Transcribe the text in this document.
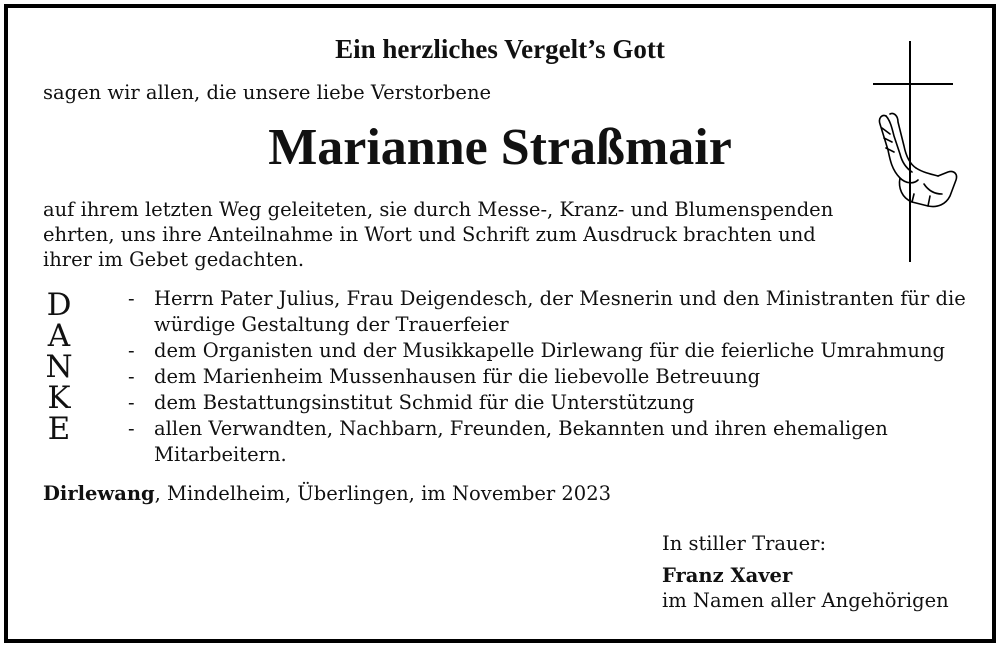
Ein herzliches Vergelt’s Gott
sagen wir allen, die unsere liebe Verstorbene
Marianne Straßmair
auf ihrem letzten Weg geleiteten, sie durch Messe-, Kranz- und Blumenspenden ehrten, uns ihre Anteilnahme in Wort und Schrift zum Ausdruck brachten und ihrer im Gebet gedachten.
D
A
N
K
E
- Herrn Pater Julius, Frau Deigendesch, der Mesnerin und den Ministranten für die würdige Gestaltung der Trauerfeier
- dem Organisten und der Musikkapelle Dirlewang für die feierliche Umrahmung
- dem Marienheim Mussenhausen für die liebevolle Betreuung
- dem Bestattungsinstitut Schmid für die Unterstützung
- allen Verwandten, Nachbarn, Freunden, Bekannten und ihren ehemaligen Mitarbeitern.
Dirlewang, Mindelheim, Überlingen, im November 2023
In stiller Trauer:
Franz Xaver
im Namen aller Angehörigen
